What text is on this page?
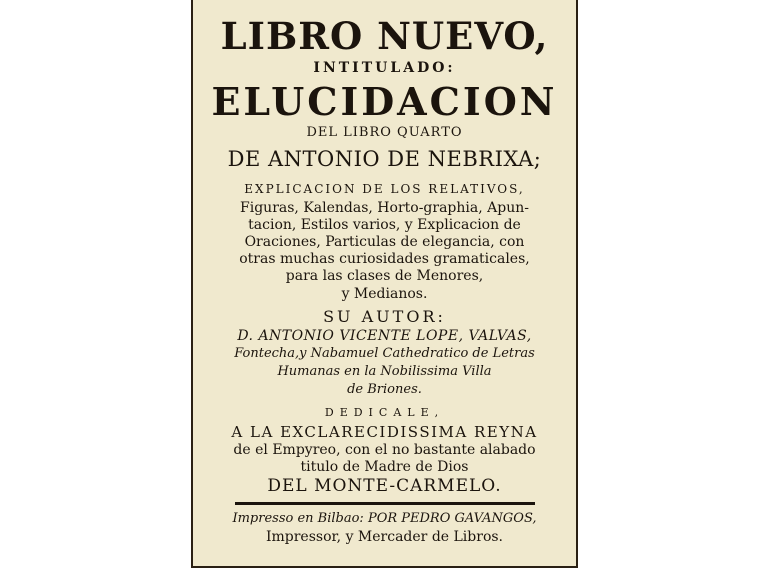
LIBRO NUEVO,
INTITULADO:
ELUCIDACION
DEL LIBRO QUARTO
DE ANTONIO DE NEBRIXA;
EXPLICACION DE LOS RELATIVOS,
Figuras, Kalendas, Horto-graphia, Apun-
tacion, Estilos varios, y Explicacion de
Oraciones, Particulas de elegancia, con
otras muchas curiosidades gramaticales,
para las clases de Menores,
y Medianos.
SU AUTOR:
D. ANTONIO VICENTE LOPE, VALVAS,
Fontecha,y Nabamuel Cathedratico de Letras
Humanas en la Nobilissima Villa
de Briones.
DEDICALE,
A LA EXCLARECIDISSIMA REYNA
de el Empyreo, con el no bastante alabado
titulo de Madre de Dios
DEL MONTE-CARMELO.
Impresso en Bilbao: POR PEDRO GAVANGOS,
Impressor, y Mercader de Libros.
